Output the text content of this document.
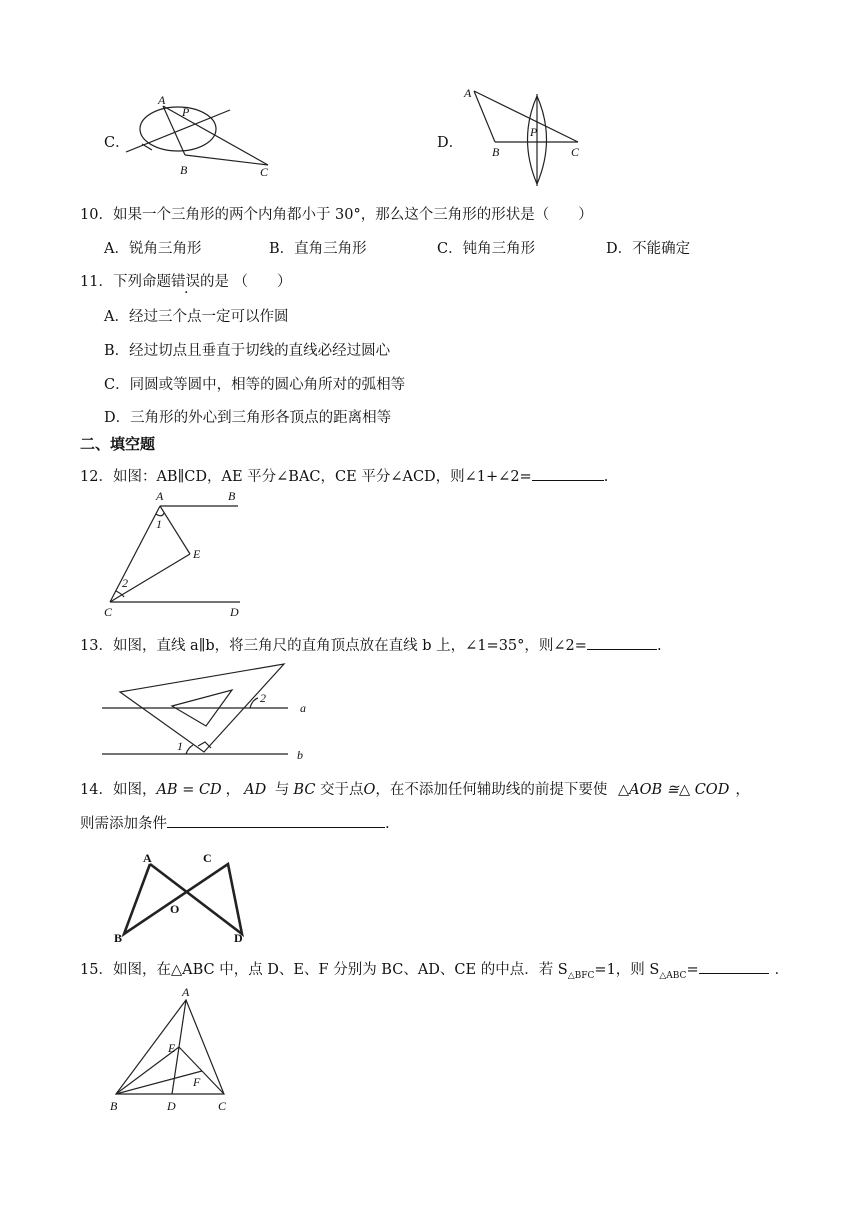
C．
A
P
B	C
D．
A
P
B	C
10．如果一个三角形的两个内角都小于 30°，那么这个三角形的形状是（　　）
A．锐角三角形	B．直角三角形	C．钝角三角形	D．不能确定
11．下列命题错误的是 （　　）
A．经过三个点一定可以作圆
B．经过切点且垂直于切线的直线必经过圆心
C．同圆或等圆中，相等的圆心角所对的弧相等
D．三角形的外心到三角形各顶点的距离相等
二、填空题
12．如图：AB∥CD，AE 平分∠BAC，CE 平分∠ACD，则∠1+∠2=	.
A	B
E
C	D
1
2
13．如图，直线 a∥b，将三角尺的直角顶点放在直线 b 上，∠1=35°，则∠2=	.
a
b
1
2
14．如图，AB = CD ， AD 与 BC 交于点O，在不添加任何辅助线的前提下要使 △AOB ≅△ COD ，
则需添加条件	.
A	C
O
B	D
15．如图，在△ABC 中，点 D、E、F 分别为 BC、AD、CE 的中点．若 $S_{\triangle BFC}=1$，则 $S_{\triangle ABC}=$	．
A
E
F
B	D	C
